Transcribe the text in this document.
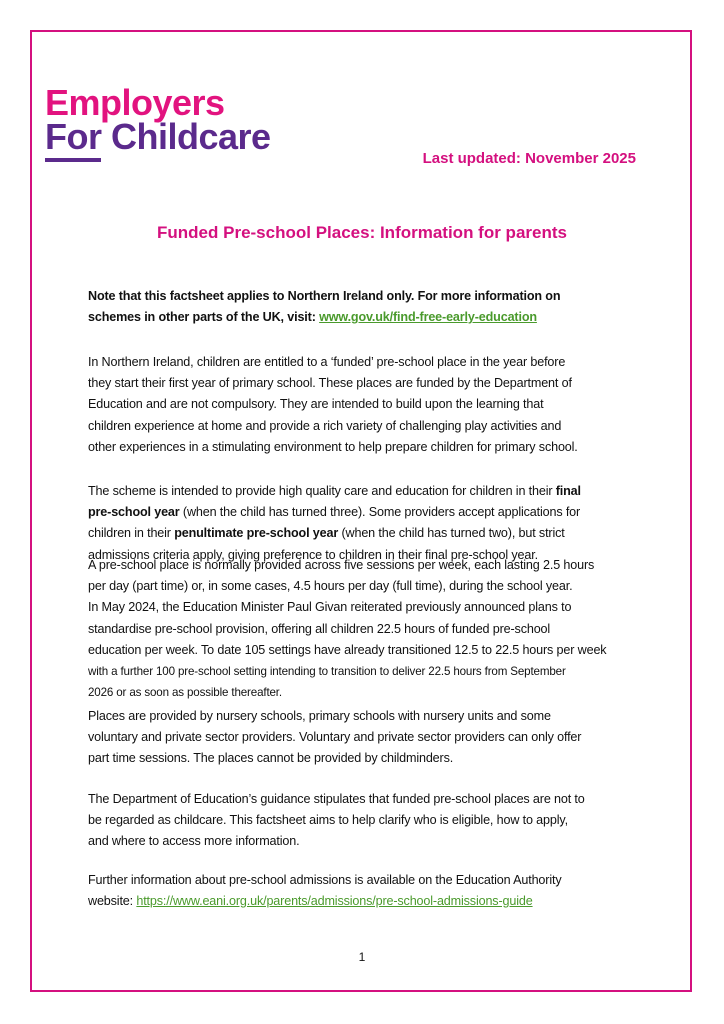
Employers
For Childcare
Last updated: November 2025
Funded Pre-school Places: Information for parents
Note that this factsheet applies to Northern Ireland only. For more information on
schemes in other parts of the UK, visit: www.gov.uk/find-free-early-education
In Northern Ireland, children are entitled to a ‘funded’ pre-school place in the year before
they start their first year of primary school. These places are funded by the Department of
Education and are not compulsory. They are intended to build upon the learning that
children experience at home and provide a rich variety of challenging play activities and
other experiences in a stimulating environment to help prepare children for primary school.
The scheme is intended to provide high quality care and education for children in their final
pre-school year (when the child has turned three). Some providers accept applications for
children in their penultimate pre-school year (when the child has turned two), but strict
admissions criteria apply, giving preference to children in their final pre-school year.
A pre-school place is normally provided across five sessions per week, each lasting 2.5 hours
per day (part time) or, in some cases, 4.5 hours per day (full time), during the school year.
In May 2024, the Education Minister Paul Givan reiterated previously announced plans to
standardise pre-school provision, offering all children 22.5 hours of funded pre-school
education per week. To date 105 settings have already transitioned 12.5 to 22.5 hours per week
with a further 100 pre-school setting intending to transition to deliver 22.5 hours from September
2026 or as soon as possible thereafter.
Places are provided by nursery schools, primary schools with nursery units and some
voluntary and private sector providers. Voluntary and private sector providers can only offer
part time sessions. The places cannot be provided by childminders.
The Department of Education’s guidance stipulates that funded pre-school places are not to
be regarded as childcare. This factsheet aims to help clarify who is eligible, how to apply,
and where to access more information.
Further information about pre-school admissions is available on the Education Authority
website: https://www.eani.org.uk/parents/admissions/pre-school-admissions-guide
1
